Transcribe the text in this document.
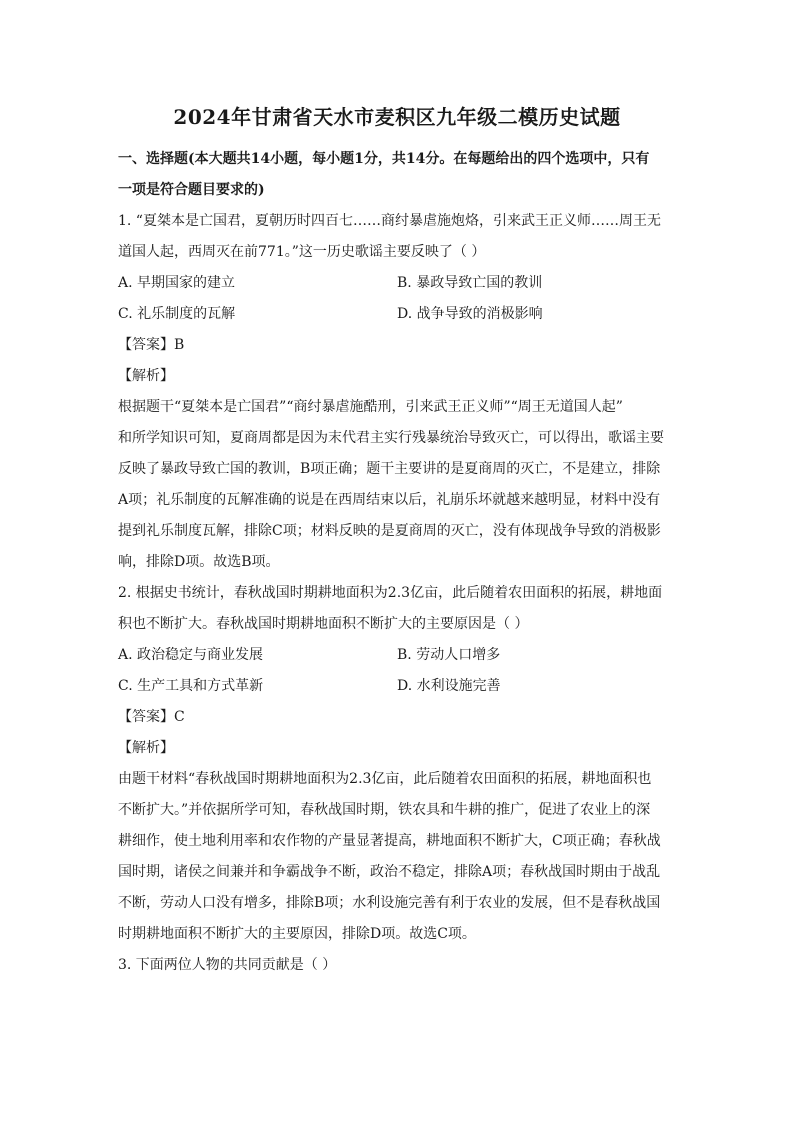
2024年甘肃省天水市麦积区九年级二模历史试题
一、选择题(本大题共14小题，每小题1分，共14分。在每题给出的四个选项中，只有
一项是符合题目要求的)
1. “夏桀本是亡国君，夏朝历时四百七……商纣暴虐施炮烙，引来武王正义师……周王无
道国人起，西周灭在前771。”这一历史歌谣主要反映了（ ）
A. 早期国家的建立	B. 暴政导致亡国的教训
C. 礼乐制度的瓦解	D. 战争导致的消极影响
【答案】B
【解析】
根据题干“夏桀本是亡国君”“商纣暴虐施酷刑，引来武王正义师”“周王无道国人起”
和所学知识可知，夏商周都是因为末代君主实行残暴统治导致灭亡，可以得出，歌谣主要
反映了暴政导致亡国的教训，B项正确；题干主要讲的是夏商周的灭亡，不是建立，排除
A项；礼乐制度的瓦解准确的说是在西周结束以后，礼崩乐坏就越来越明显，材料中没有
提到礼乐制度瓦解，排除C项；材料反映的是夏商周的灭亡，没有体现战争导致的消极影
响，排除D项。故选B项。
2. 根据史书统计，春秋战国时期耕地面积为2.3亿亩，此后随着农田面积的拓展，耕地面
积也不断扩大。春秋战国时期耕地面积不断扩大的主要原因是（ ）
A. 政治稳定与商业发展	B. 劳动人口增多
C. 生产工具和方式革新	D. 水利设施完善
【答案】C
【解析】
由题干材料“春秋战国时期耕地面积为2.3亿亩，此后随着农田面积的拓展，耕地面积也
不断扩大。”并依据所学可知，春秋战国时期，铁农具和牛耕的推广，促进了农业上的深
耕细作，使土地利用率和农作物的产量显著提高，耕地面积不断扩大，C项正确；春秋战
国时期，诸侯之间兼并和争霸战争不断，政治不稳定，排除A项；春秋战国时期由于战乱
不断，劳动人口没有增多，排除B项；水利设施完善有利于农业的发展，但不是春秋战国
时期耕地面积不断扩大的主要原因，排除D项。故选C项。
3. 下面两位人物的共同贡献是（ ）
